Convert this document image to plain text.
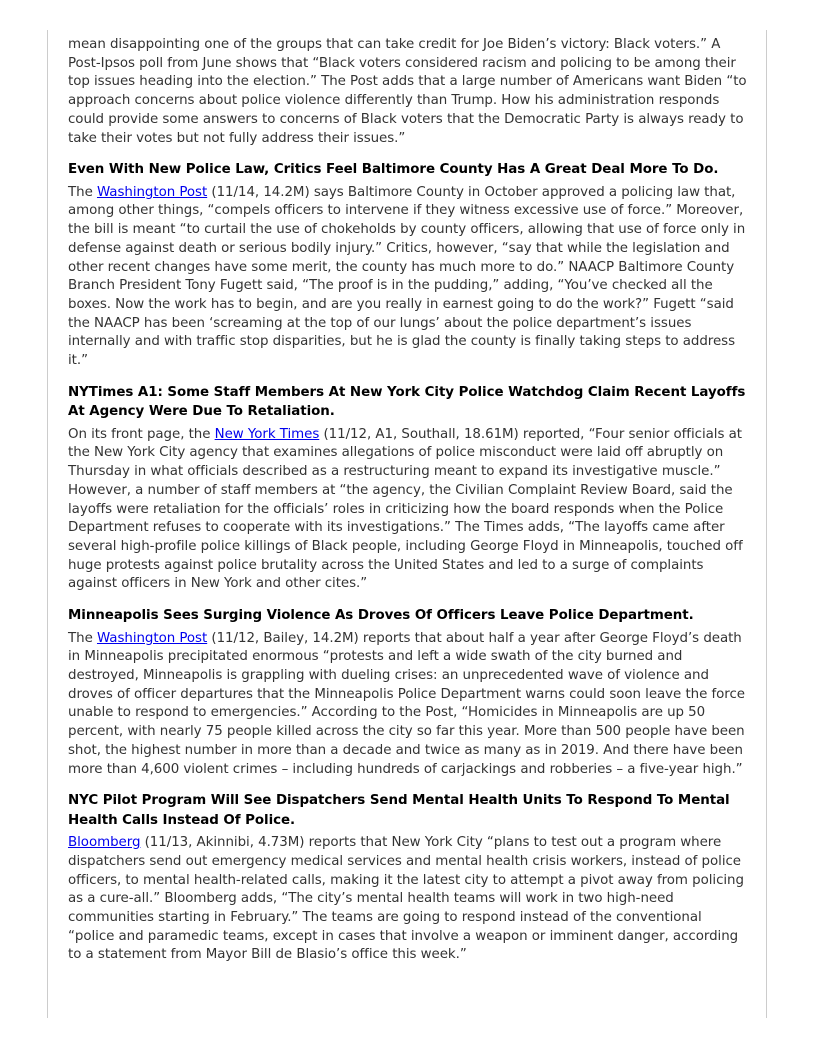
mean disappointing one of the groups that can take credit for Joe Biden’s victory: Black voters.” A Post-Ipsos poll from June shows that “Black voters considered racism and policing to be among their top issues heading into the election.” The Post adds that a large number of Americans want Biden “to approach concerns about police violence differently than Trump. How his administration responds could provide some answers to concerns of Black voters that the Democratic Party is always ready to take their votes but not fully address their issues.”

Even With New Police Law, Critics Feel Baltimore County Has A Great Deal More To Do.

The Washington Post (11/14, 14.2M) says Baltimore County in October approved a policing law that, among other things, “compels officers to intervene if they witness excessive use of force.” Moreover, the bill is meant “to curtail the use of chokeholds by county officers, allowing that use of force only in defense against death or serious bodily injury.” Critics, however, “say that while the legislation and other recent changes have some merit, the county has much more to do.” NAACP Baltimore County Branch President Tony Fugett said, “The proof is in the pudding,” adding, “You’ve checked all the boxes. Now the work has to begin, and are you really in earnest going to do the work?” Fugett “said the NAACP has been ‘screaming at the top of our lungs’ about the police department’s issues internally and with traffic stop disparities, but he is glad the county is finally taking steps to address it.”

NYTimes A1: Some Staff Members At New York City Police Watchdog Claim Recent Layoffs At Agency Were Due To Retaliation.

On its front page, the New York Times (11/12, A1, Southall, 18.61M) reported, “Four senior officials at the New York City agency that examines allegations of police misconduct were laid off abruptly on Thursday in what officials described as a restructuring meant to expand its investigative muscle.” However, a number of staff members at “the agency, the Civilian Complaint Review Board, said the layoffs were retaliation for the officials’ roles in criticizing how the board responds when the Police Department refuses to cooperate with its investigations.” The Times adds, “The layoffs came after several high-profile police killings of Black people, including George Floyd in Minneapolis, touched off huge protests against police brutality across the United States and led to a surge of complaints against officers in New York and other cites.”

Minneapolis Sees Surging Violence As Droves Of Officers Leave Police Department.

The Washington Post (11/12, Bailey, 14.2M) reports that about half a year after George Floyd’s death in Minneapolis precipitated enormous “protests and left a wide swath of the city burned and destroyed, Minneapolis is grappling with dueling crises: an unprecedented wave of violence and droves of officer departures that the Minneapolis Police Department warns could soon leave the force unable to respond to emergencies.” According to the Post, “Homicides in Minneapolis are up 50 percent, with nearly 75 people killed across the city so far this year. More than 500 people have been shot, the highest number in more than a decade and twice as many as in 2019. And there have been more than 4,600 violent crimes – including hundreds of carjackings and robberies – a five-year high.”

NYC Pilot Program Will See Dispatchers Send Mental Health Units To Respond To Mental Health Calls Instead Of Police.

Bloomberg (11/13, Akinnibi, 4.73M) reports that New York City “plans to test out a program where dispatchers send out emergency medical services and mental health crisis workers, instead of police officers, to mental health-related calls, making it the latest city to attempt a pivot away from policing as a cure-all.” Bloomberg adds, “The city’s mental health teams will work in two high-need communities starting in February.” The teams are going to respond instead of the conventional “police and paramedic teams, except in cases that involve a weapon or imminent danger, according to a statement from Mayor Bill de Blasio’s office this week.”
